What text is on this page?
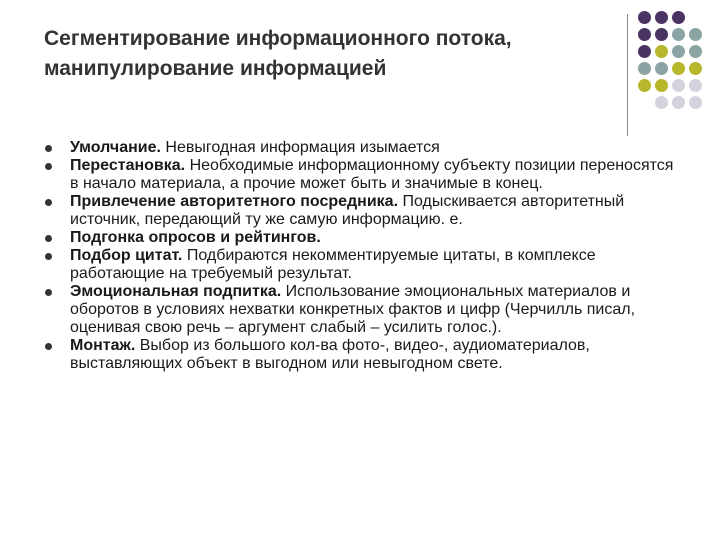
Сегментирование информационного потока,
манипулирование информацией
Умолчание. Невыгодная информация изымается
Перестановка. Необходимые информационному субъекту позиции переносятся в начало материала, а прочие может быть и значимые в конец.
Привлечение авторитетного посредника. Подыскивается авторитетный источник, передающий ту же самую информацию. е.
Подгонка опросов и рейтингов.
Подбор цитат. Подбираются некомментируемые цитаты, в комплексе работающие на требуемый результат.
Эмоциональная подпитка. Использование эмоциональных материалов и оборотов в условиях нехватки конкретных фактов и цифр (Черчилль писал, оценивая свою речь – аргумент слабый – усилить голос.).
Монтаж. Выбор из большого кол-ва фото-, видео-, аудиоматериалов, выставляющих объект в выгодном или невыгодном свете.
